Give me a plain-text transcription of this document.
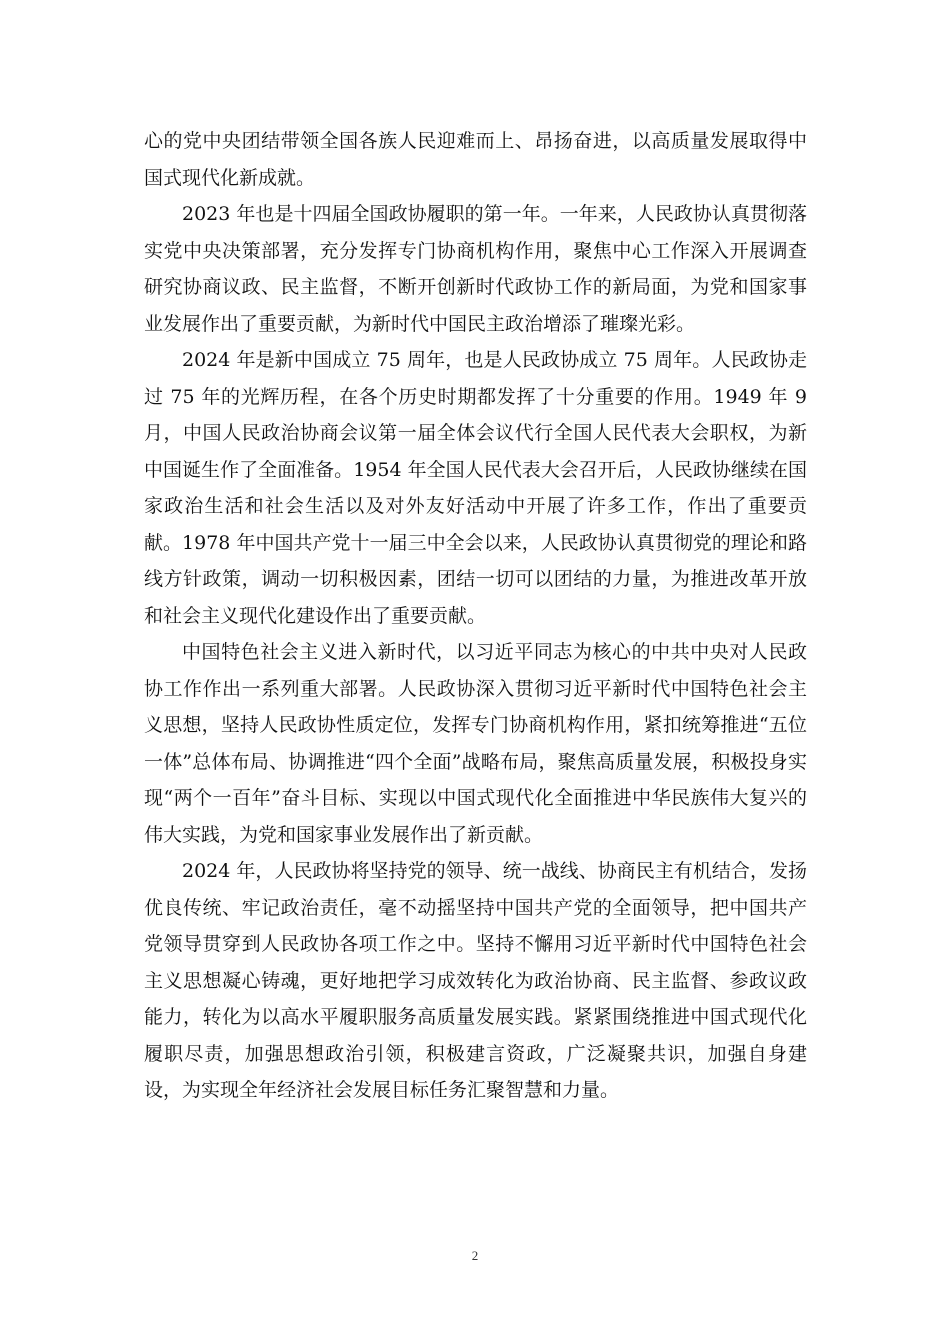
心的党中央团结带领全国各族人民迎难而上、昂扬奋进，以高质量发展取得中国式现代化新成就。

2023 年也是十四届全国政协履职的第一年。一年来，人民政协认真贯彻落实党中央决策部署，充分发挥专门协商机构作用，聚焦中心工作深入开展调查研究协商议政、民主监督，不断开创新时代政协工作的新局面，为党和国家事业发展作出了重要贡献，为新时代中国民主政治增添了璀璨光彩。

2024 年是新中国成立 75 周年，也是人民政协成立 75 周年。人民政协走过 75 年的光辉历程，在各个历史时期都发挥了十分重要的作用。1949 年 9 月，中国人民政治协商会议第一届全体会议代行全国人民代表大会职权，为新中国诞生作了全面准备。1954 年全国人民代表大会召开后，人民政协继续在国家政治生活和社会生活以及对外友好活动中开展了许多工作，作出了重要贡献。1978 年中国共产党十一届三中全会以来，人民政协认真贯彻党的理论和路线方针政策，调动一切积极因素，团结一切可以团结的力量，为推进改革开放和社会主义现代化建设作出了重要贡献。

中国特色社会主义进入新时代，以习近平同志为核心的中共中央对人民政协工作作出一系列重大部署。人民政协深入贯彻习近平新时代中国特色社会主义思想，坚持人民政协性质定位，发挥专门协商机构作用，紧扣统筹推进“五位一体”总体布局、协调推进“四个全面”战略布局，聚焦高质量发展，积极投身实现“两个一百年”奋斗目标、实现以中国式现代化全面推进中华民族伟大复兴的伟大实践，为党和国家事业发展作出了新贡献。

2024 年，人民政协将坚持党的领导、统一战线、协商民主有机结合，发扬优良传统、牢记政治责任，毫不动摇坚持中国共产党的全面领导，把中国共产党领导贯穿到人民政协各项工作之中。坚持不懈用习近平新时代中国特色社会主义思想凝心铸魂，更好地把学习成效转化为政治协商、民主监督、参政议政能力，转化为以高水平履职服务高质量发展实践。紧紧围绕推进中国式现代化履职尽责，加强思想政治引领，积极建言资政，广泛凝聚共识，加强自身建设，为实现全年经济社会发展目标任务汇聚智慧和力量。

2
